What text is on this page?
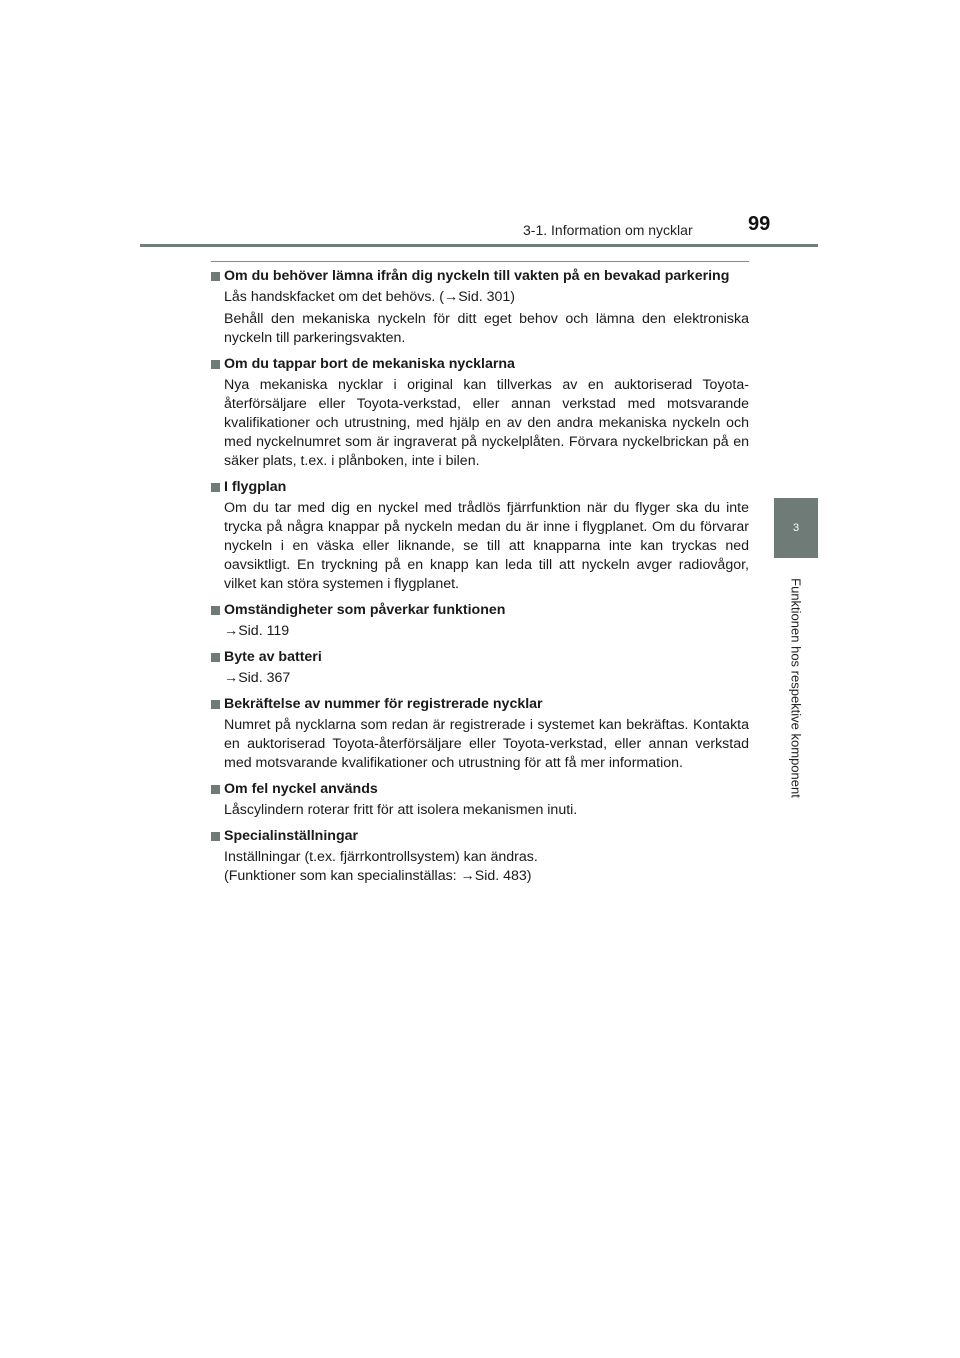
3-1. Information om nycklar	99
3
Funktionen hos respektive komponent
Om du behöver lämna ifrån dig nyckeln till vakten på en bevakad parkering
Lås handskfacket om det behövs. (→Sid. 301)
Behåll den mekaniska nyckeln för ditt eget behov och lämna den elektroniska nyckeln till parkeringsvakten.
Om du tappar bort de mekaniska nycklarna
Nya mekaniska nycklar i original kan tillverkas av en auktoriserad Toyota-återförsäljare eller Toyota-verkstad, eller annan verkstad med motsvarande kvalifikationer och utrustning, med hjälp en av den andra mekaniska nyckeln och med nyckelnumret som är ingraverat på nyckelplåten. Förvara nyckelbrickan på en säker plats, t.ex. i plånboken, inte i bilen.
I flygplan
Om du tar med dig en nyckel med trådlös fjärrfunktion när du flyger ska du inte trycka på några knappar på nyckeln medan du är inne i flygplanet. Om du förvarar nyckeln i en väska eller liknande, se till att knapparna inte kan tryckas ned oavsiktligt. En tryckning på en knapp kan leda till att nyckeln avger radiovågor, vilket kan störa systemen i flygplanet.
Omständigheter som påverkar funktionen
→Sid. 119
Byte av batteri
→Sid. 367
Bekräftelse av nummer för registrerade nycklar
Numret på nycklarna som redan är registrerade i systemet kan bekräftas. Kontakta en auktoriserad Toyota-återförsäljare eller Toyota-verkstad, eller annan verkstad med motsvarande kvalifikationer och utrustning för att få mer information.
Om fel nyckel används
Låscylindern roterar fritt för att isolera mekanismen inuti.
Specialinställningar
Inställningar (t.ex. fjärrkontrollsystem) kan ändras.
(Funktioner som kan specialinställas: →Sid. 483)
